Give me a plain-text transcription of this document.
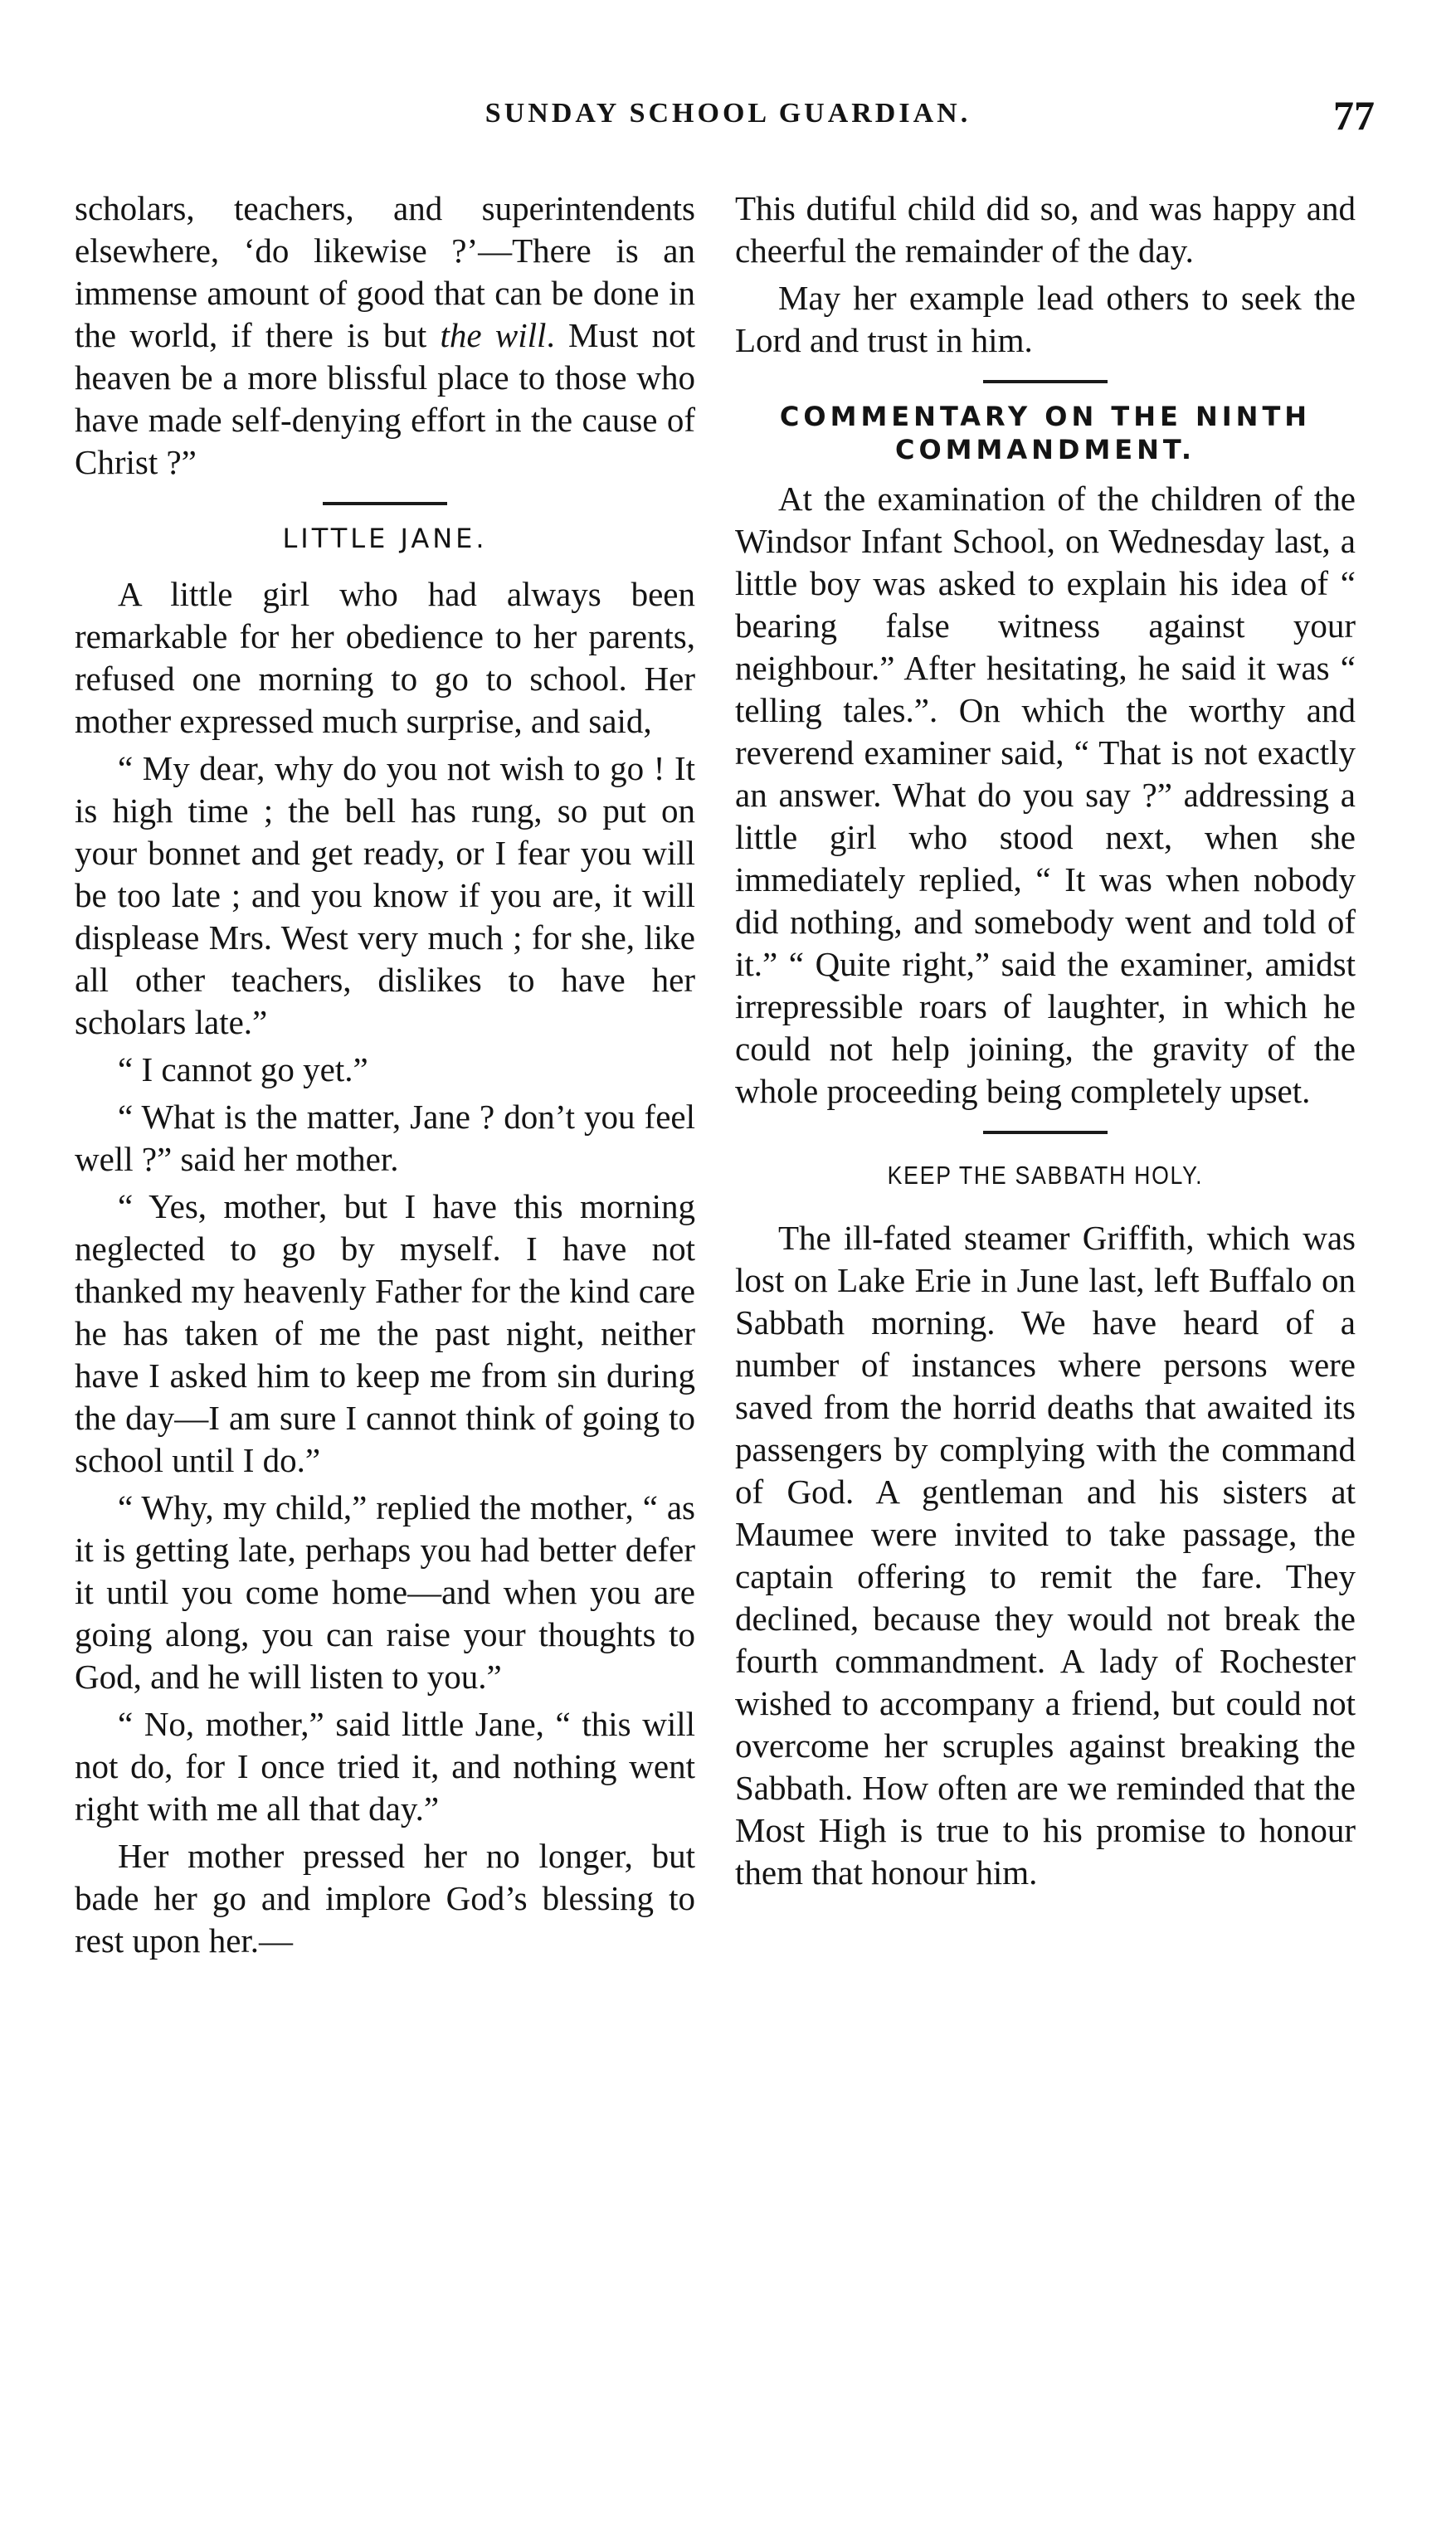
SUNDAY SCHOOL GUARDIAN.	77

scholars, teachers, and superintendents elsewhere, ‘do likewise ?’—There is an immense amount of good that can be done in the world, if there is but the will. Must not heaven be a more blissful place to those who have made self-denying effort in the cause of Christ ?”

LITTLE JANE.

A little girl who had always been remarkable for her obedience to her parents, refused one morning to go to school. Her mother expressed much surprise, and said,

“ My dear, why do you not wish to go ! It is high time ; the bell has rung, so put on your bonnet and get ready, or I fear you will be too late ; and you know if you are, it will displease Mrs. West very much ; for she, like all other teachers, dislikes to have her scholars late.”

“ I cannot go yet.”

“ What is the matter, Jane ? don’t you feel well ?” said her mother.

“ Yes, mother, but I have this morning neglected to go by myself. I have not thanked my heavenly Father for the kind care he has taken of me the past night, neither have I asked him to keep me from sin during the day—I am sure I cannot think of going to school until I do.”

“ Why, my child,” replied the mother, “ as it is getting late, perhaps you had better defer it until you come home—and when you are going along, you can raise your thoughts to God, and he will listen to you.”

“ No, mother,” said little Jane, “ this will not do, for I once tried it, and nothing went right with me all that day.”

Her mother pressed her no longer, but bade her go and implore God’s blessing to rest upon her.—

This dutiful child did so, and was happy and cheerful the remainder of the day.

May her example lead others to seek the Lord and trust in him.

COMMENTARY ON THE NINTH COMMANDMENT.

At the examination of the children of the Windsor Infant School, on Wednesday last, a little boy was asked to explain his idea of “ bearing false witness against your neighbour.” After hesitating, he said it was “ telling tales.”. On which the worthy and reverend examiner said, “ That is not exactly an answer. What do you say ?” addressing a little girl who stood next, when she immediately replied, “ It was when nobody did nothing, and somebody went and told of it.” “ Quite right,” said the examiner, amidst irrepressible roars of laughter, in which he could not help joining, the gravity of the whole proceeding being completely upset.

KEEP THE SABBATH HOLY.

The ill-fated steamer Griffith, which was lost on Lake Erie in June last, left Buffalo on Sabbath morning. We have heard of a number of instances where persons were saved from the horrid deaths that awaited its passengers by complying with the command of God. A gentleman and his sisters at Maumee were invited to take passage, the captain offering to remit the fare. They declined, because they would not break the fourth commandment. A lady of Rochester wished to accompany a friend, but could not overcome her scruples against breaking the Sabbath. How often are we reminded that the Most High is true to his promise to honour them that honour him.
